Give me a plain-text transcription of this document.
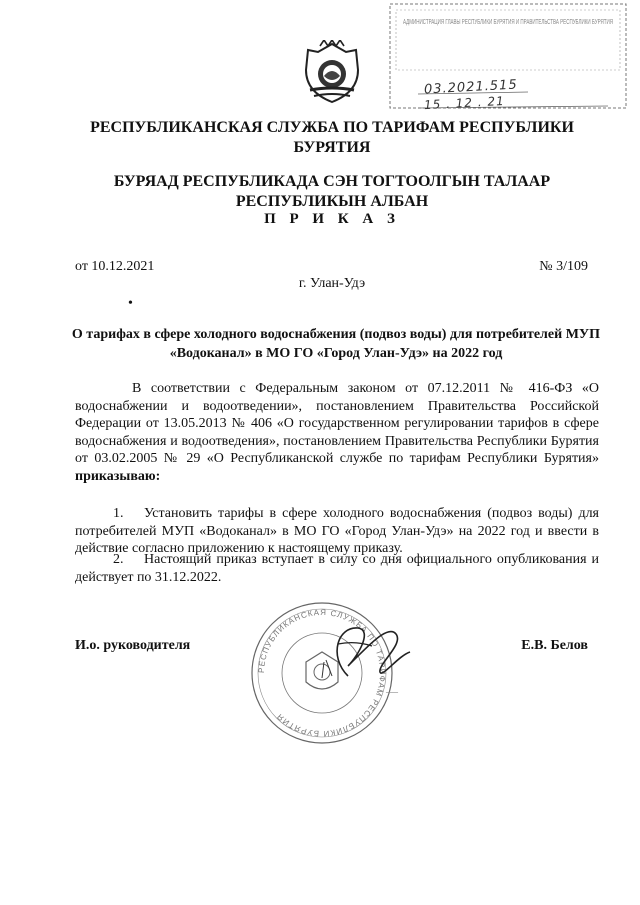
АДМИНИСТРАЦИЯ ГЛАВЫ РЕСПУБЛИКИ БУРЯТИЯ И ПРАВИТЕЛЬСТВА РЕСПУБЛИКИ БУРЯТИЯ
03.2021.515
15 . 12 . 21
РЕСПУБЛИКАНСКАЯ СЛУЖБА ПО ТАРИФАМ РЕСПУБЛИКИ БУРЯТИЯ
БУРЯАД РЕСПУБЛИКАДА СЭН ТОГТООЛГЫН ТАЛААР РЕСПУБЛИКЫН АЛБАН
П Р И К А З
от 10.12.2021	№ 3/109
г. Улан-Удэ
•
О тарифах в сфере холодного водоснабжения (подвоз воды) для потребителей МУП «Водоканал» в МО ГО «Город Улан-Удэ» на 2022 год
В соответствии с Федеральным законом от 07.12.2011 № 416-ФЗ «О водоснабжении и водоотведении», постановлением Правительства Российской Федерации от 13.05.2013 № 406 «О государственном регулировании тарифов в сфере водоснабжения и водоотведения», постановлением Правительства Республики Бурятия от 03.02.2005 № 29 «О Республиканской службе по тарифам Республики Бурятия» приказываю:
1. Установить тарифы в сфере холодного водоснабжения (подвоз воды) для потребителей МУП «Водоканал» в МО ГО «Город Улан-Удэ» на 2022 год и ввести в действие согласно приложению к настоящему приказу.
2. Настоящий приказ вступает в силу со дня официального опубликования и действует по 31.12.2022.
РЕСПУБЛИКАНСКАЯ СЛУЖБА ПО ТАРИФАМ РЕСПУБЛИКИ БУРЯТИЯ
—
И.о. руководителя	Е.В. Белов
